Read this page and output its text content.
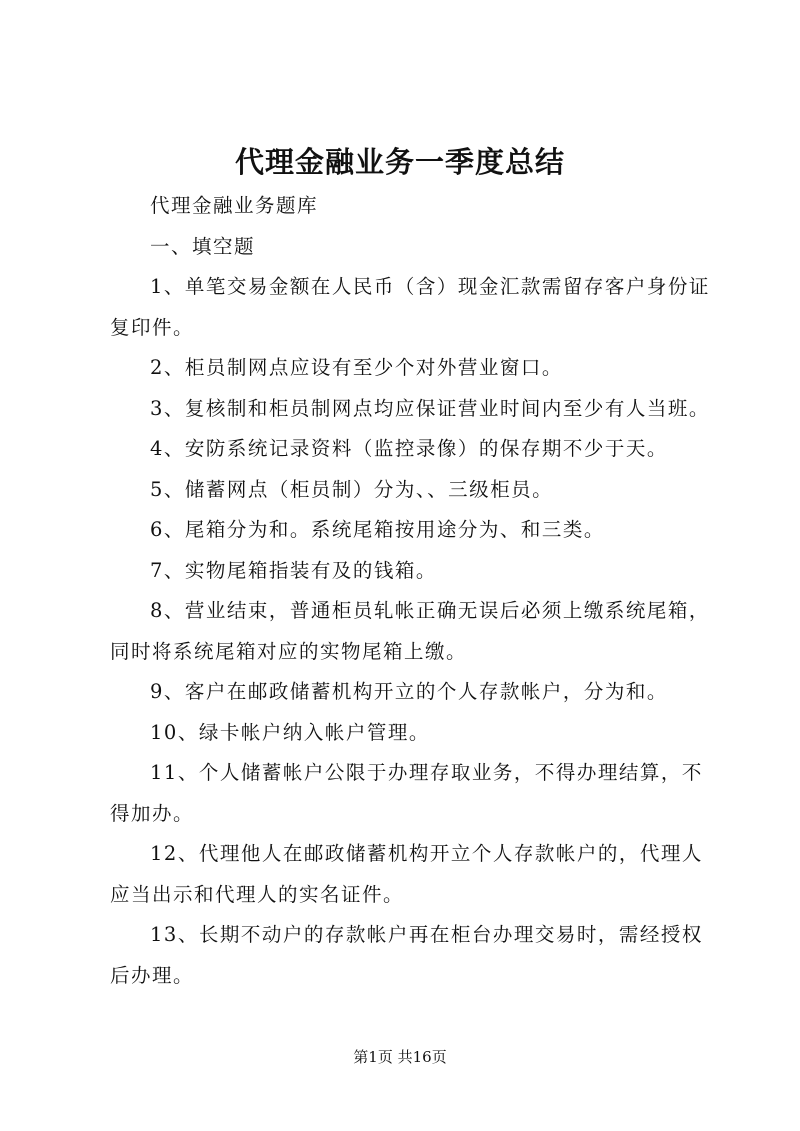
代理金融业务一季度总结

代理金融业务题库

一、填空题

1、单笔交易金额在人民币（含）现金汇款需留存客户身份证复印件。

2、柜员制网点应设有至少个对外营业窗口。

3、复核制和柜员制网点均应保证营业时间内至少有人当班。

4、安防系统记录资料（监控录像）的保存期不少于天。

5、储蓄网点（柜员制）分为、、三级柜员。

6、尾箱分为和。系统尾箱按用途分为、和三类。

7、实物尾箱指装有及的钱箱。

8、营业结束，普通柜员轧帐正确无误后必须上缴系统尾箱，同时将系统尾箱对应的实物尾箱上缴。

9、客户在邮政储蓄机构开立的个人存款帐户，分为和。

10、绿卡帐户纳入帐户管理。

11、个人储蓄帐户公限于办理存取业务，不得办理结算，不得加办。

12、代理他人在邮政储蓄机构开立个人存款帐户的，代理人应当出示和代理人的实名证件。

13、长期不动户的存款帐户再在柜台办理交易时，需经授权后办理。

第1页 共16页
